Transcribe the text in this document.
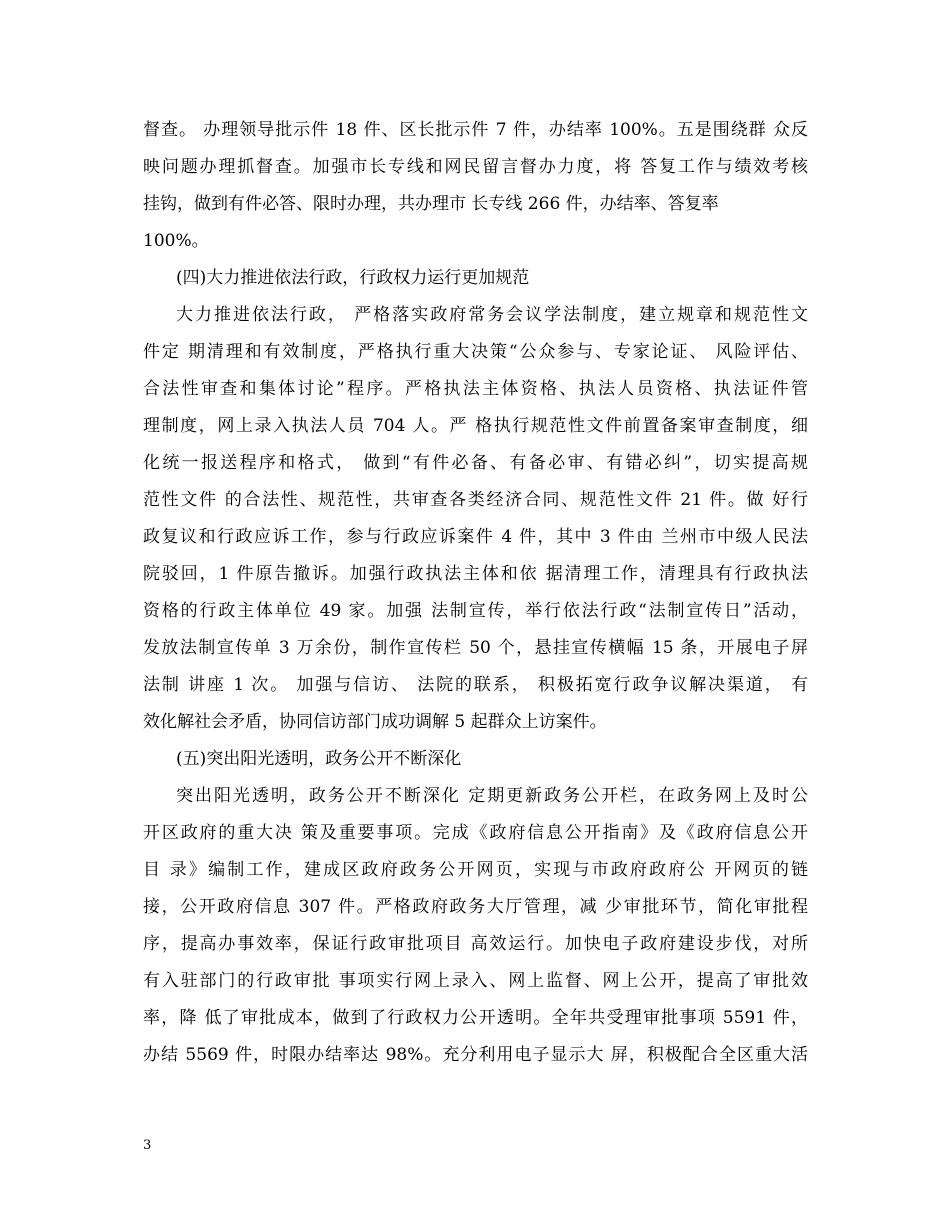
督查。 办理领导批示件 18 件、区长批示件 7 件，办结率 100%。五是围绕群 众反
映问题办理抓督查。加强市长专线和网民留言督办力度，将 答复工作与绩效考核
挂钩，做到有件必答、限时办理，共办理市 长专线 266 件，办结率、答复率
100%。
(四)大力推进依法行政，行政权力运行更加规范
大力推进依法行政， 严格落实政府常务会议学法制度，建立规章和规范性文
件定 期清理和有效制度，严格执行重大决策“公众参与、专家论证、 风险评估、
合法性审查和集体讨论”程序。严格执法主体资格、执法人员资格、执法证件管
理制度，网上录入执法人员 704 人。严 格执行规范性文件前置备案审查制度，细
化统一报送程序和格式， 做到“有件必备、有备必审、有错必纠”，切实提高规
范性文件 的合法性、规范性，共审查各类经济合同、规范性文件 21 件。做 好行
政复议和行政应诉工作，参与行政应诉案件 4 件，其中 3 件由 兰州市中级人民法
院驳回，1 件原告撤诉。加强行政执法主体和依 据清理工作，清理具有行政执法
资格的行政主体单位 49 家。加强 法制宣传，举行依法行政“法制宣传日”活动，
发放法制宣传单 3 万余份，制作宣传栏 50 个，悬挂宣传横幅 15 条，开展电子屏
法制 讲座 1 次。 加强与信访、 法院的联系， 积极拓宽行政争议解决渠道， 有
效化解社会矛盾，协同信访部门成功调解 5 起群众上访案件。
(五)突出阳光透明，政务公开不断深化
突出阳光透明，政务公开不断深化 定期更新政务公开栏，在政务网上及时公
开区政府的重大决 策及重要事项。完成《政府信息公开指南》及《政府信息公开
目 录》编制工作，建成区政府政务公开网页，实现与市政府政府公 开网页的链
接，公开政府信息 307 件。严格政府政务大厅管理，减 少审批环节，简化审批程
序，提高办事效率，保证行政审批项目 高效运行。加快电子政府建设步伐，对所
有入驻部门的行政审批 事项实行网上录入、网上监督、网上公开，提高了审批效
率，降 低了审批成本，做到了行政权力公开透明。全年共受理审批事项 5591 件，
办结 5569 件，时限办结率达 98%。充分利用电子显示大 屏，积极配合全区重大活
3
